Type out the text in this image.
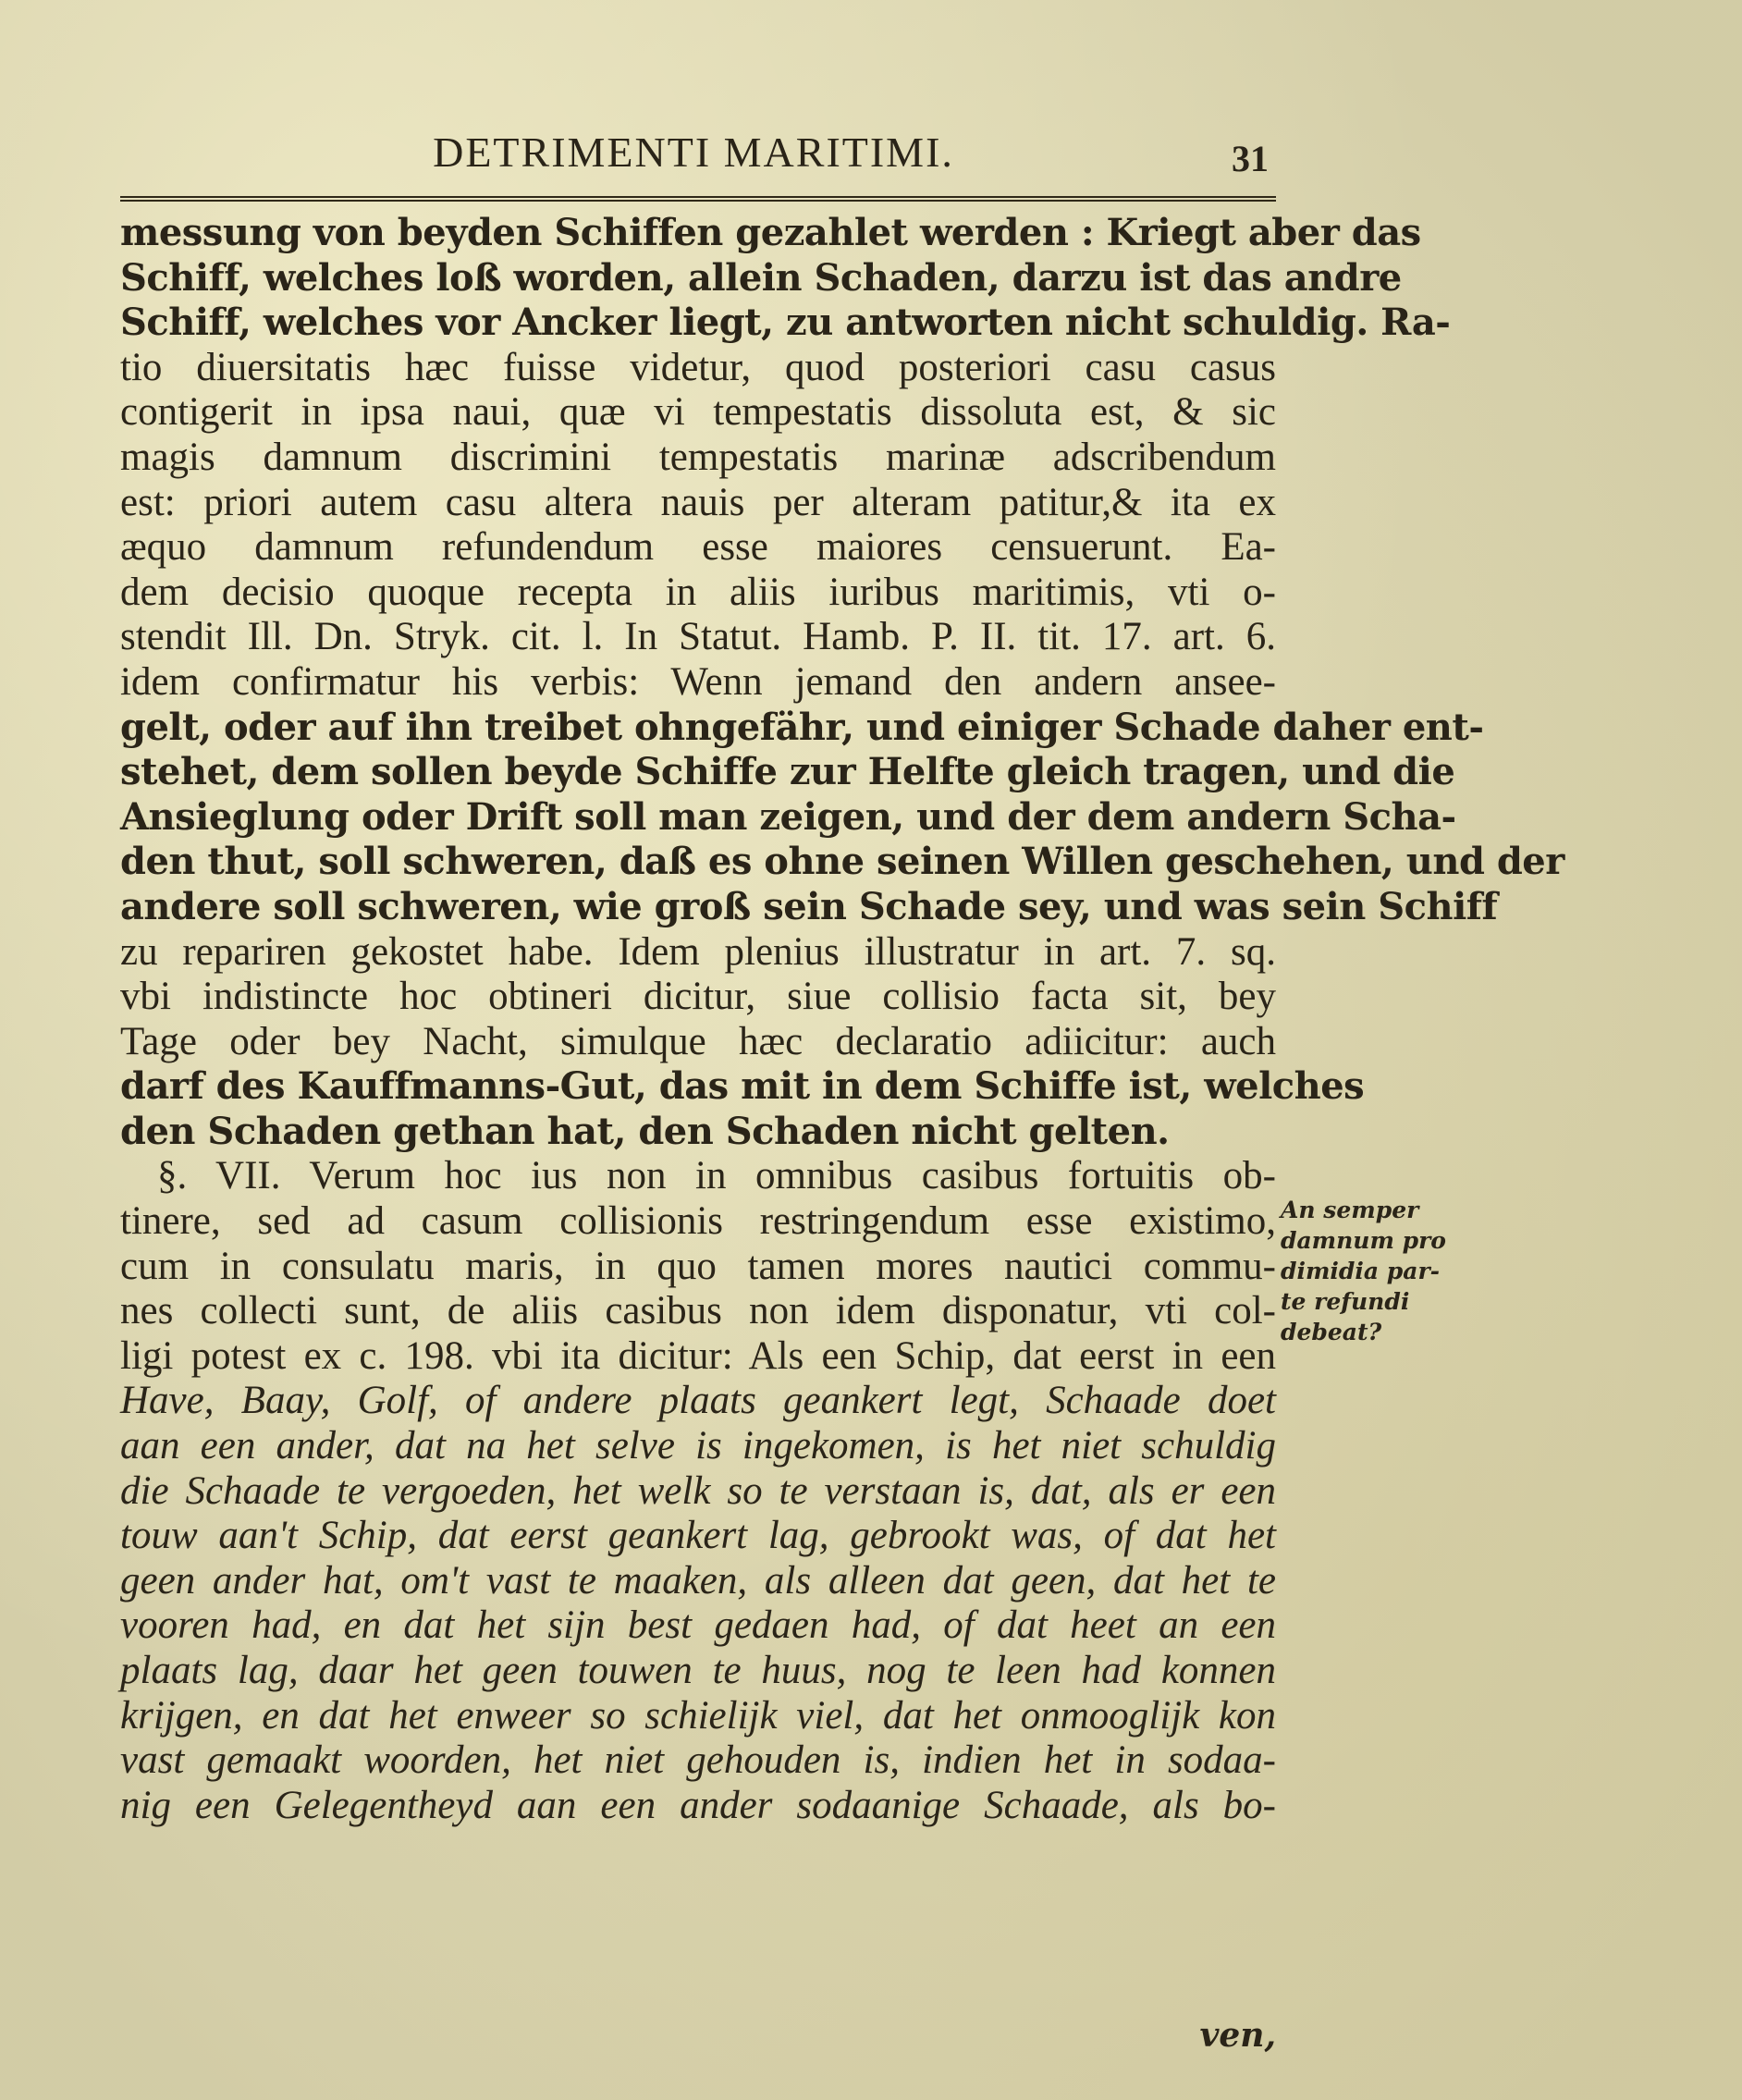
DETRIMENTI MARITIMI.	31
messung von beyden Schiffen gezahlet werden : Kriegt aber das
Schiff, welches loß worden, allein Schaden, darzu ist das andre
Schiff, welches vor Ancker liegt, zu antworten nicht schuldig. Ra-
tio diuersitatis hæc fuisse videtur, quod posteriori casu casus
contigerit in ipsa naui, quæ vi tempestatis dissoluta est, & sic
magis damnum discrimini tempestatis marinæ adscribendum
est: priori autem casu altera nauis per alteram patitur,& ita ex
æquo damnum refundendum esse maiores censuerunt. Ea-
dem decisio quoque recepta in aliis iuribus maritimis, vti o-
stendit Ill. Dn. Stryk. cit. l. In Statut. Hamb. P. II. tit. 17. art. 6.
idem confirmatur his verbis: Wenn jemand den andern ansee-
gelt, oder auf ihn treibet ohngefähr, und einiger Schade daher ent-
stehet, dem sollen beyde Schiffe zur Helfte gleich tragen, und die
Ansieglung oder Drift soll man zeigen, und der dem andern Scha-
den thut, soll schweren, daß es ohne seinen Willen geschehen, und der
andere soll schweren, wie groß sein Schade sey, und was sein Schiff
zu repariren gekostet habe. Idem plenius illustratur in art. 7. sq.
vbi indistincte hoc obtineri dicitur, siue collisio facta sit, bey
Tage oder bey Nacht, simulque hæc declaratio adiicitur: auch
darf des Kauffmanns-Gut, das mit in dem Schiffe ist, welches
den Schaden gethan hat, den Schaden nicht gelten.
§. VII. Verum hoc ius non in omnibus casibus fortuitis ob-
tinere, sed ad casum collisionis restringendum esse existimo,
cum in consulatu maris, in quo tamen mores nautici commu-
nes collecti sunt, de aliis casibus non idem disponatur, vti col-
ligi potest ex c. 198. vbi ita dicitur: Als een Schip, dat eerst in een
Have, Baay, Golf, of andere plaats geankert legt, Schaade doet
aan een ander, dat na het selve is ingekomen, is het niet schuldig
die Schaade te vergoeden, het welk so te verstaan is, dat, als er een
touw aan't Schip, dat eerst geankert lag, gebrookt was, of dat het
geen ander hat, om't vast te maaken, als alleen dat geen, dat het te
vooren had, en dat het sijn best gedaen had, of dat heet an een
plaats lag, daar het geen touwen te huus, nog te leen had konnen
krijgen, en dat het enweer so schielijk viel, dat het onmooglijk kon
vast gemaakt woorden, het niet gehouden is, indien het in sodaa-
nig een Gelegentheyd aan een ander sodaanige Schaade, als bo-
An semper
damnum pro
dimidia par-
te refundi
debeat?
ven,
